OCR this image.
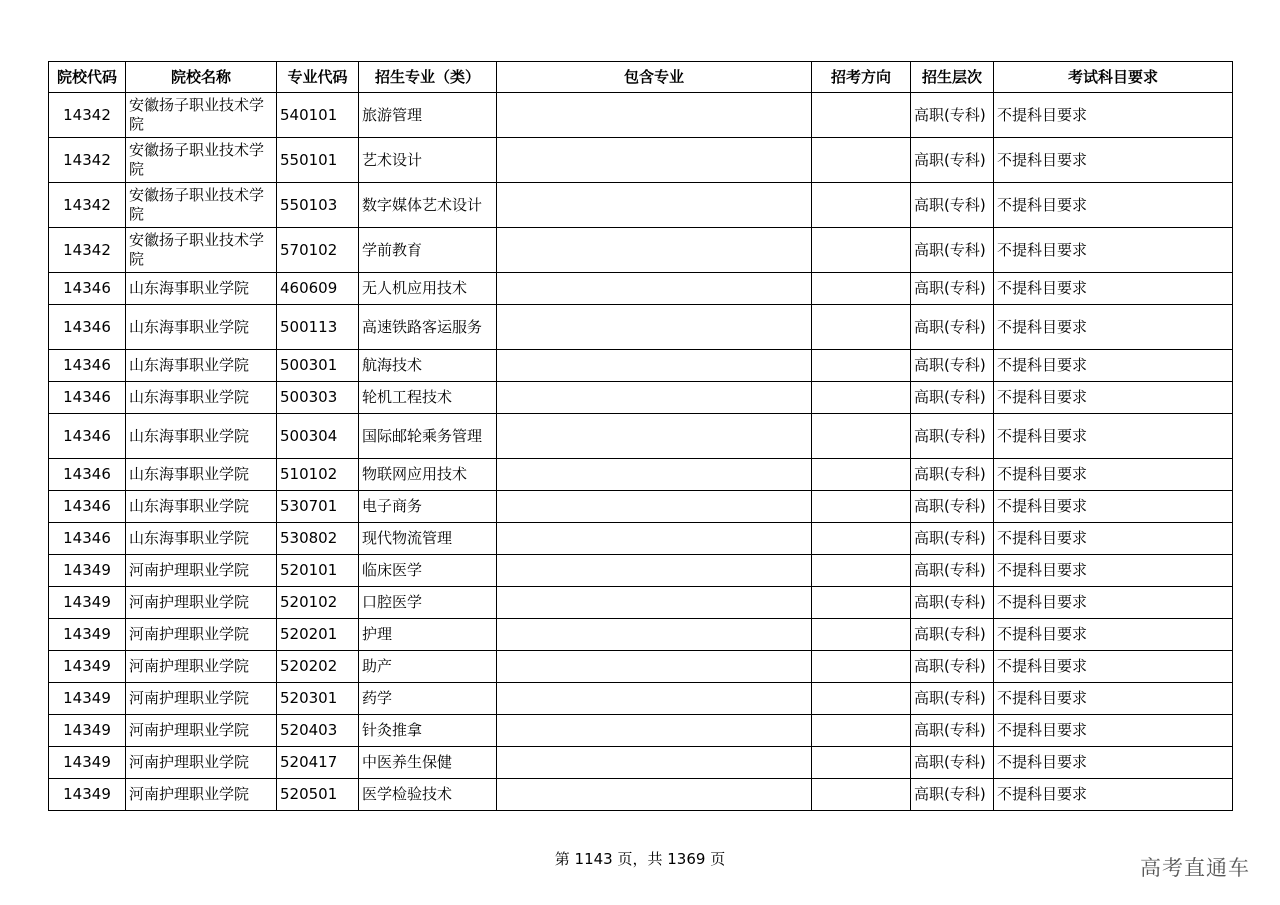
院校代码	院校名称	专业代码	招生专业（类）	包含专业	招考方向	招生层次	考试科目要求
14342	安徽扬子职业技术学院	540101	旅游管理			高职(专科)	不提科目要求
14342	安徽扬子职业技术学院	550101	艺术设计			高职(专科)	不提科目要求
14342	安徽扬子职业技术学院	550103	数字媒体艺术设计			高职(专科)	不提科目要求
14342	安徽扬子职业技术学院	570102	学前教育			高职(专科)	不提科目要求
14346	山东海事职业学院	460609	无人机应用技术			高职(专科)	不提科目要求
14346	山东海事职业学院	500113	高速铁路客运服务			高职(专科)	不提科目要求
14346	山东海事职业学院	500301	航海技术			高职(专科)	不提科目要求
14346	山东海事职业学院	500303	轮机工程技术			高职(专科)	不提科目要求
14346	山东海事职业学院	500304	国际邮轮乘务管理			高职(专科)	不提科目要求
14346	山东海事职业学院	510102	物联网应用技术			高职(专科)	不提科目要求
14346	山东海事职业学院	530701	电子商务			高职(专科)	不提科目要求
14346	山东海事职业学院	530802	现代物流管理			高职(专科)	不提科目要求
14349	河南护理职业学院	520101	临床医学			高职(专科)	不提科目要求
14349	河南护理职业学院	520102	口腔医学			高职(专科)	不提科目要求
14349	河南护理职业学院	520201	护理			高职(专科)	不提科目要求
14349	河南护理职业学院	520202	助产			高职(专科)	不提科目要求
14349	河南护理职业学院	520301	药学			高职(专科)	不提科目要求
14349	河南护理职业学院	520403	针灸推拿			高职(专科)	不提科目要求
14349	河南护理职业学院	520417	中医养生保健			高职(专科)	不提科目要求
14349	河南护理职业学院	520501	医学检验技术			高职(专科)	不提科目要求
第 1143 页，共 1369 页	高考直通车
